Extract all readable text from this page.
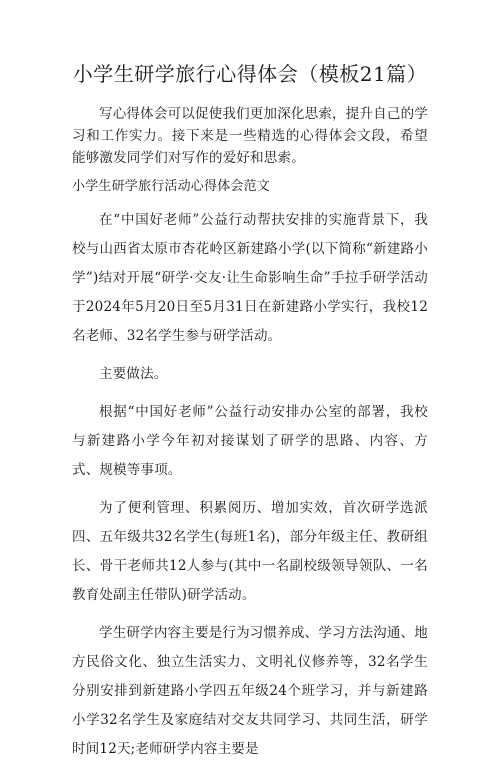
小学生研学旅行心得体会（模板21篇）

写心得体会可以促使我们更加深化思索，提升自己的学习和工作实力。接下来是一些精选的心得体会文段，希望能够激发同学们对写作的爱好和思索。

小学生研学旅行活动心得体会范文

在“中国好老师”公益行动帮扶安排的实施背景下，我校与山西省太原市杏花岭区新建路小学(以下简称“新建路小学”)结对开展“研学·交友·让生命影响生命”手拉手研学活动于2024年5月20日至5月31日在新建路小学实行，我校12名老师、32名学生参与研学活动。

主要做法。

根据“中国好老师”公益行动安排办公室的部署，我校与新建路小学今年初对接谋划了研学的思路、内容、方式、规模等事项。

为了便利管理、积累阅历、增加实效，首次研学选派四、五年级共32名学生(每班1名)，部分年级主任、教研组长、骨干老师共12人参与(其中一名副校级领导领队、一名教育处副主任带队)研学活动。

学生研学内容主要是行为习惯养成、学习方法沟通、地方民俗文化、独立生活实力、文明礼仪修养等，32名学生分别安排到新建路小学四五年级24个班学习，并与新建路小学32名学生及家庭结对交友共同学习、共同生活，研学时间12天;老师研学内容主要是
